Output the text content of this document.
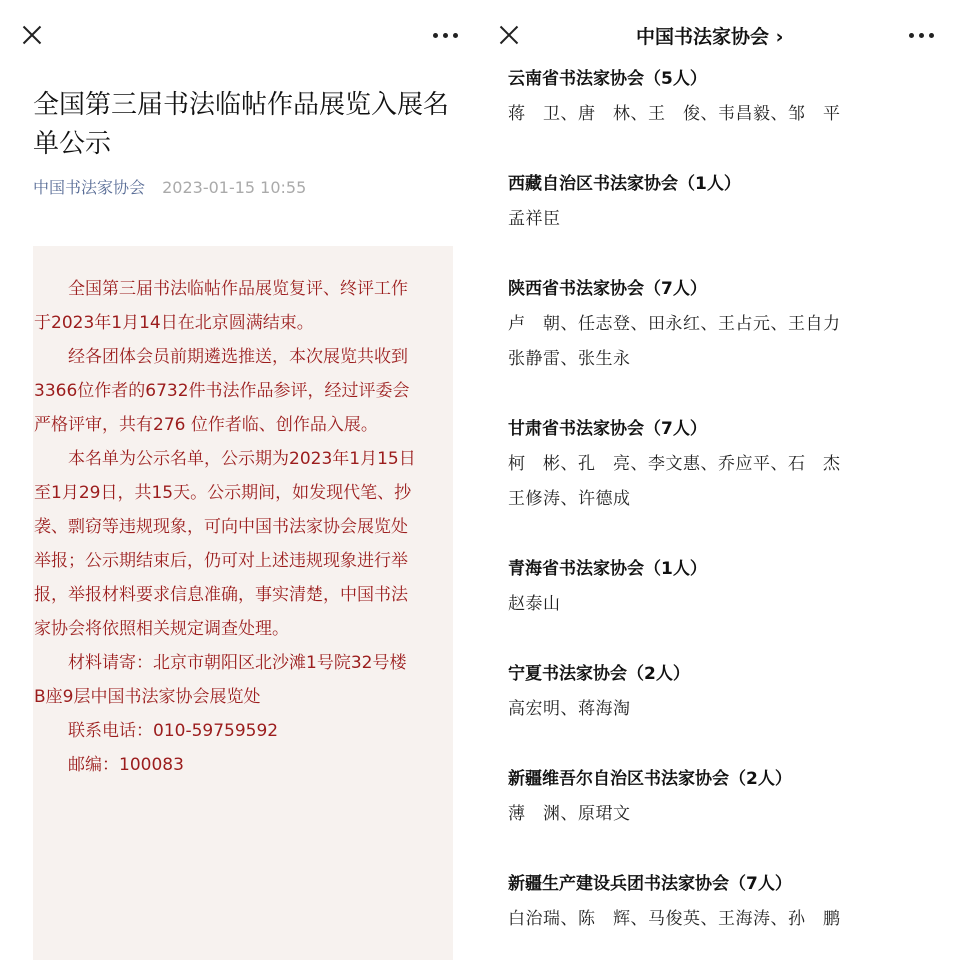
全国第三届书法临帖作品展览入展名单公示
中国书法家协会 2023-01-15 10:55

全国第三届书法临帖作品展览复评、终评工作于2023年1月14日在北京圆满结束。

经各团体会员前期遴选推送，本次展览共收到3366位作者的6732件书法作品参评，经过评委会严格评审，共有276 位作者临、创作品入展。

本名单为公示名单，公示期为2023年1月15日至1月29日，共15天。公示期间，如发现代笔、抄袭、剽窃等违规现象，可向中国书法家协会展览处举报；公示期结束后，仍可对上述违规现象进行举报，举报材料要求信息准确，事实清楚，中国书法家协会将依照相关规定调查处理。

材料请寄：北京市朝阳区北沙滩1号院32号楼B座9层中国书法家协会展览处

联系电话：010-59759592

邮编：100083

中国书法家协会 ›
云南省书法家协会（5人）
蒋　卫、唐　林、王　俊、韦昌毅、邹　平
西藏自治区书法家协会（1人）
孟祥臣
陕西省书法家协会（7人）
卢　朝、任志登、田永红、王占元、王自力
张静雷、张生永
甘肃省书法家协会（7人）
柯　彬、孔　亮、李文惠、乔应平、石　杰
王修涛、许德成
青海省书法家协会（1人）
赵泰山
宁夏书法家协会（2人）
高宏明、蒋海淘
新疆维吾尔自治区书法家协会（2人）
薄　渊、原珺文
新疆生产建设兵团书法家协会（7人）
白治瑞、陈　辉、马俊英、王海涛、孙　鹏
